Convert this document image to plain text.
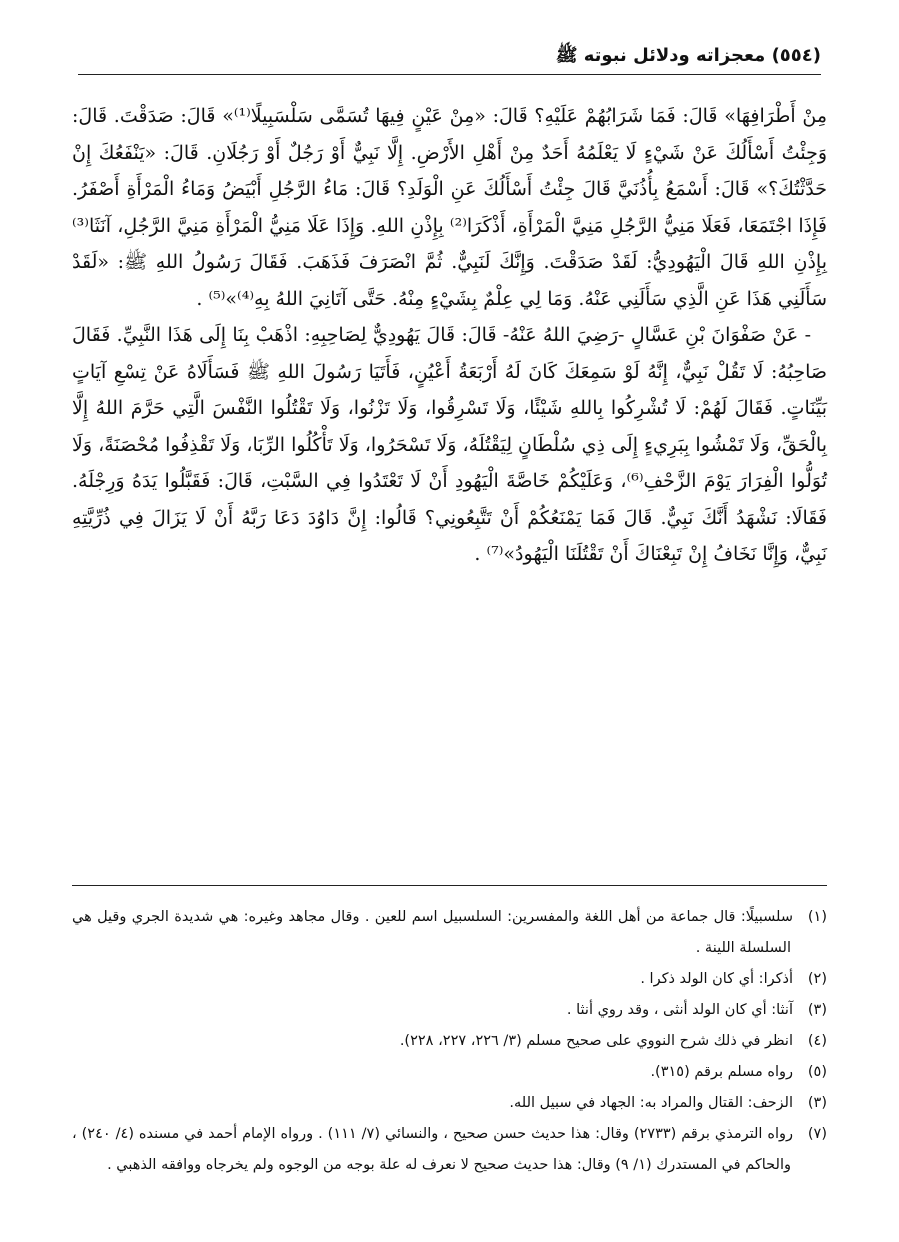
(٥٥٤) معجزاته ودلائل نبوته ﷺ

مِنْ أَطْرَافِهَا» قَالَ: فَمَا شَرَابُهُمْ عَلَيْهِ؟ قَالَ: «مِنْ عَيْنٍ فِيهَا تُسَمَّى سَلْسَبِيلًا⁽¹⁾» قَالَ: صَدَقْتَ. قَالَ: وَجِئْتُ أَسْأَلُكَ عَنْ شَيْءٍ لَا يَعْلَمُهُ أَحَدٌ مِنْ أَهْلِ الأَرْضِ. إِلَّا نَبِيٌّ أَوْ رَجُلٌ أَوْ رَجُلَانِ. قَالَ: «يَنْفَعُكَ إِنْ حَدَّثْتُكَ؟» قَالَ: أَسْمَعُ بِأُذُنَيَّ قَالَ جِئْتُ أَسْأَلُكَ عَنِ الْوَلَدِ؟ قَالَ: مَاءُ الرَّجُلِ أَبْيَضُ وَمَاءُ الْمَرْأَةِ أَصْفَرُ. فَإِذَا اجْتَمَعَا، فَعَلَا مَنِيُّ الرَّجُلِ مَنِيَّ الْمَرْأَةِ، أَذْكَرَا⁽²⁾ بِإِذْنِ اللهِ. وَإِذَا عَلَا مَنِيُّ الْمَرْأَةِ مَنِيَّ الرَّجُلِ، آنَثَا⁽³⁾ بِإِذْنِ اللهِ قَالَ الْيَهُودِيُّ: لَقَدْ صَدَقْتَ. وَإِنَّكَ لَنَبِيٌّ. ثُمَّ انْصَرَفَ فَذَهَبَ. فَقَالَ رَسُولُ اللهِ ﷺ: «لَقَدْ سَأَلَنِي هَذَا عَنِ الَّذِي سَأَلَنِي عَنْهُ. وَمَا لِي عِلْمٌ بِشَيْءٍ مِنْهُ. حَتَّى آتَانِيَ اللهُ بِهِ⁽⁴⁾»⁽⁵⁾ .

- عَنْ صَفْوَانَ بْنِ عَسَّالٍ -رَضِيَ اللهُ عَنْهُ- قَالَ: قَالَ يَهُودِيٌّ لِصَاحِبِهِ: اذْهَبْ بِنَا إِلَى هَذَا النَّبِيِّ. فَقَالَ صَاحِبُهُ: لَا تَقُلْ نَبِيٌّ، إِنَّهُ لَوْ سَمِعَكَ كَانَ لَهُ أَرْبَعَةُ أَعْيُنٍ، فَأَتَيَا رَسُولَ اللهِ ﷺ فَسَأَلَاهُ عَنْ تِسْعِ آيَاتٍ بَيِّنَاتٍ. فَقَالَ لَهُمْ: لَا تُشْرِكُوا بِاللهِ شَيْئًا، وَلَا تَسْرِقُوا، وَلَا تَزْنُوا، وَلَا تَقْتُلُوا النَّفْسَ الَّتِي حَرَّمَ اللهُ إِلَّا بِالْحَقِّ، وَلَا تَمْشُوا بِبَرِيءٍ إِلَى ذِي سُلْطَانٍ لِيَقْتُلَهُ، وَلَا تَسْحَرُوا، وَلَا تَأْكُلُوا الرِّبَا، وَلَا تَقْذِفُوا مُحْصَنَةً، وَلَا تُوَلُّوا الْفِرَارَ يَوْمَ الزَّحْفِ⁽⁶⁾، وَعَلَيْكُمْ خَاصَّةَ الْيَهُودِ أَنْ لَا تَعْتَدُوا فِي السَّبْتِ، قَالَ: فَقَبَّلُوا يَدَهُ وَرِجْلَهُ. فَقَالَا: نَشْهَدُ أَنَّكَ نَبِيٌّ. قَالَ فَمَا يَمْنَعُكُمْ أَنْ تَتَّبِعُونِي؟ قَالُوا: إِنَّ دَاوُدَ دَعَا رَبَّهُ أَنْ لَا يَزَالَ فِي ذُرِّيَّتِهِ نَبِيٌّ، وَإِنَّا نَخَافُ إِنْ تَبِعْنَاكَ أَنْ تَقْتُلَنَا الْيَهُودُ»⁽⁷⁾ .

(١)سلسبيلًا: قال جماعة من أهل اللغة والمفسرين: السلسبيل اسم للعين . وقال مجاهد وغيره: هي شديدة الجري وقيل هي السلسلة اللينة .

(٢)أذكرا: أي كان الولد ذكرا .

(٣)آنثا: أي كان الولد أنثى ، وقد روي أنثا .

(٤)انظر في ذلك شرح النووي على صحيح مسلم (٣/ ٢٢٦، ٢٢٧، ٢٢٨).

(٥)رواه مسلم برقم (٣١٥).

(٣)الزحف: القتال والمراد به: الجهاد في سبيل الله.

(٧)رواه الترمذي برقم (٢٧٣٣) وقال: هذا حديث حسن صحيح ، والنسائي (٧/ ١١١) . ورواه الإمام أحمد في مسنده (٤/ ٢٤٠) ، والحاكم في المستدرك (١/ ٩) وقال: هذا حديث صحيح لا نعرف له علة بوجه من الوجوه ولم يخرجاه ووافقه الذهبي .
